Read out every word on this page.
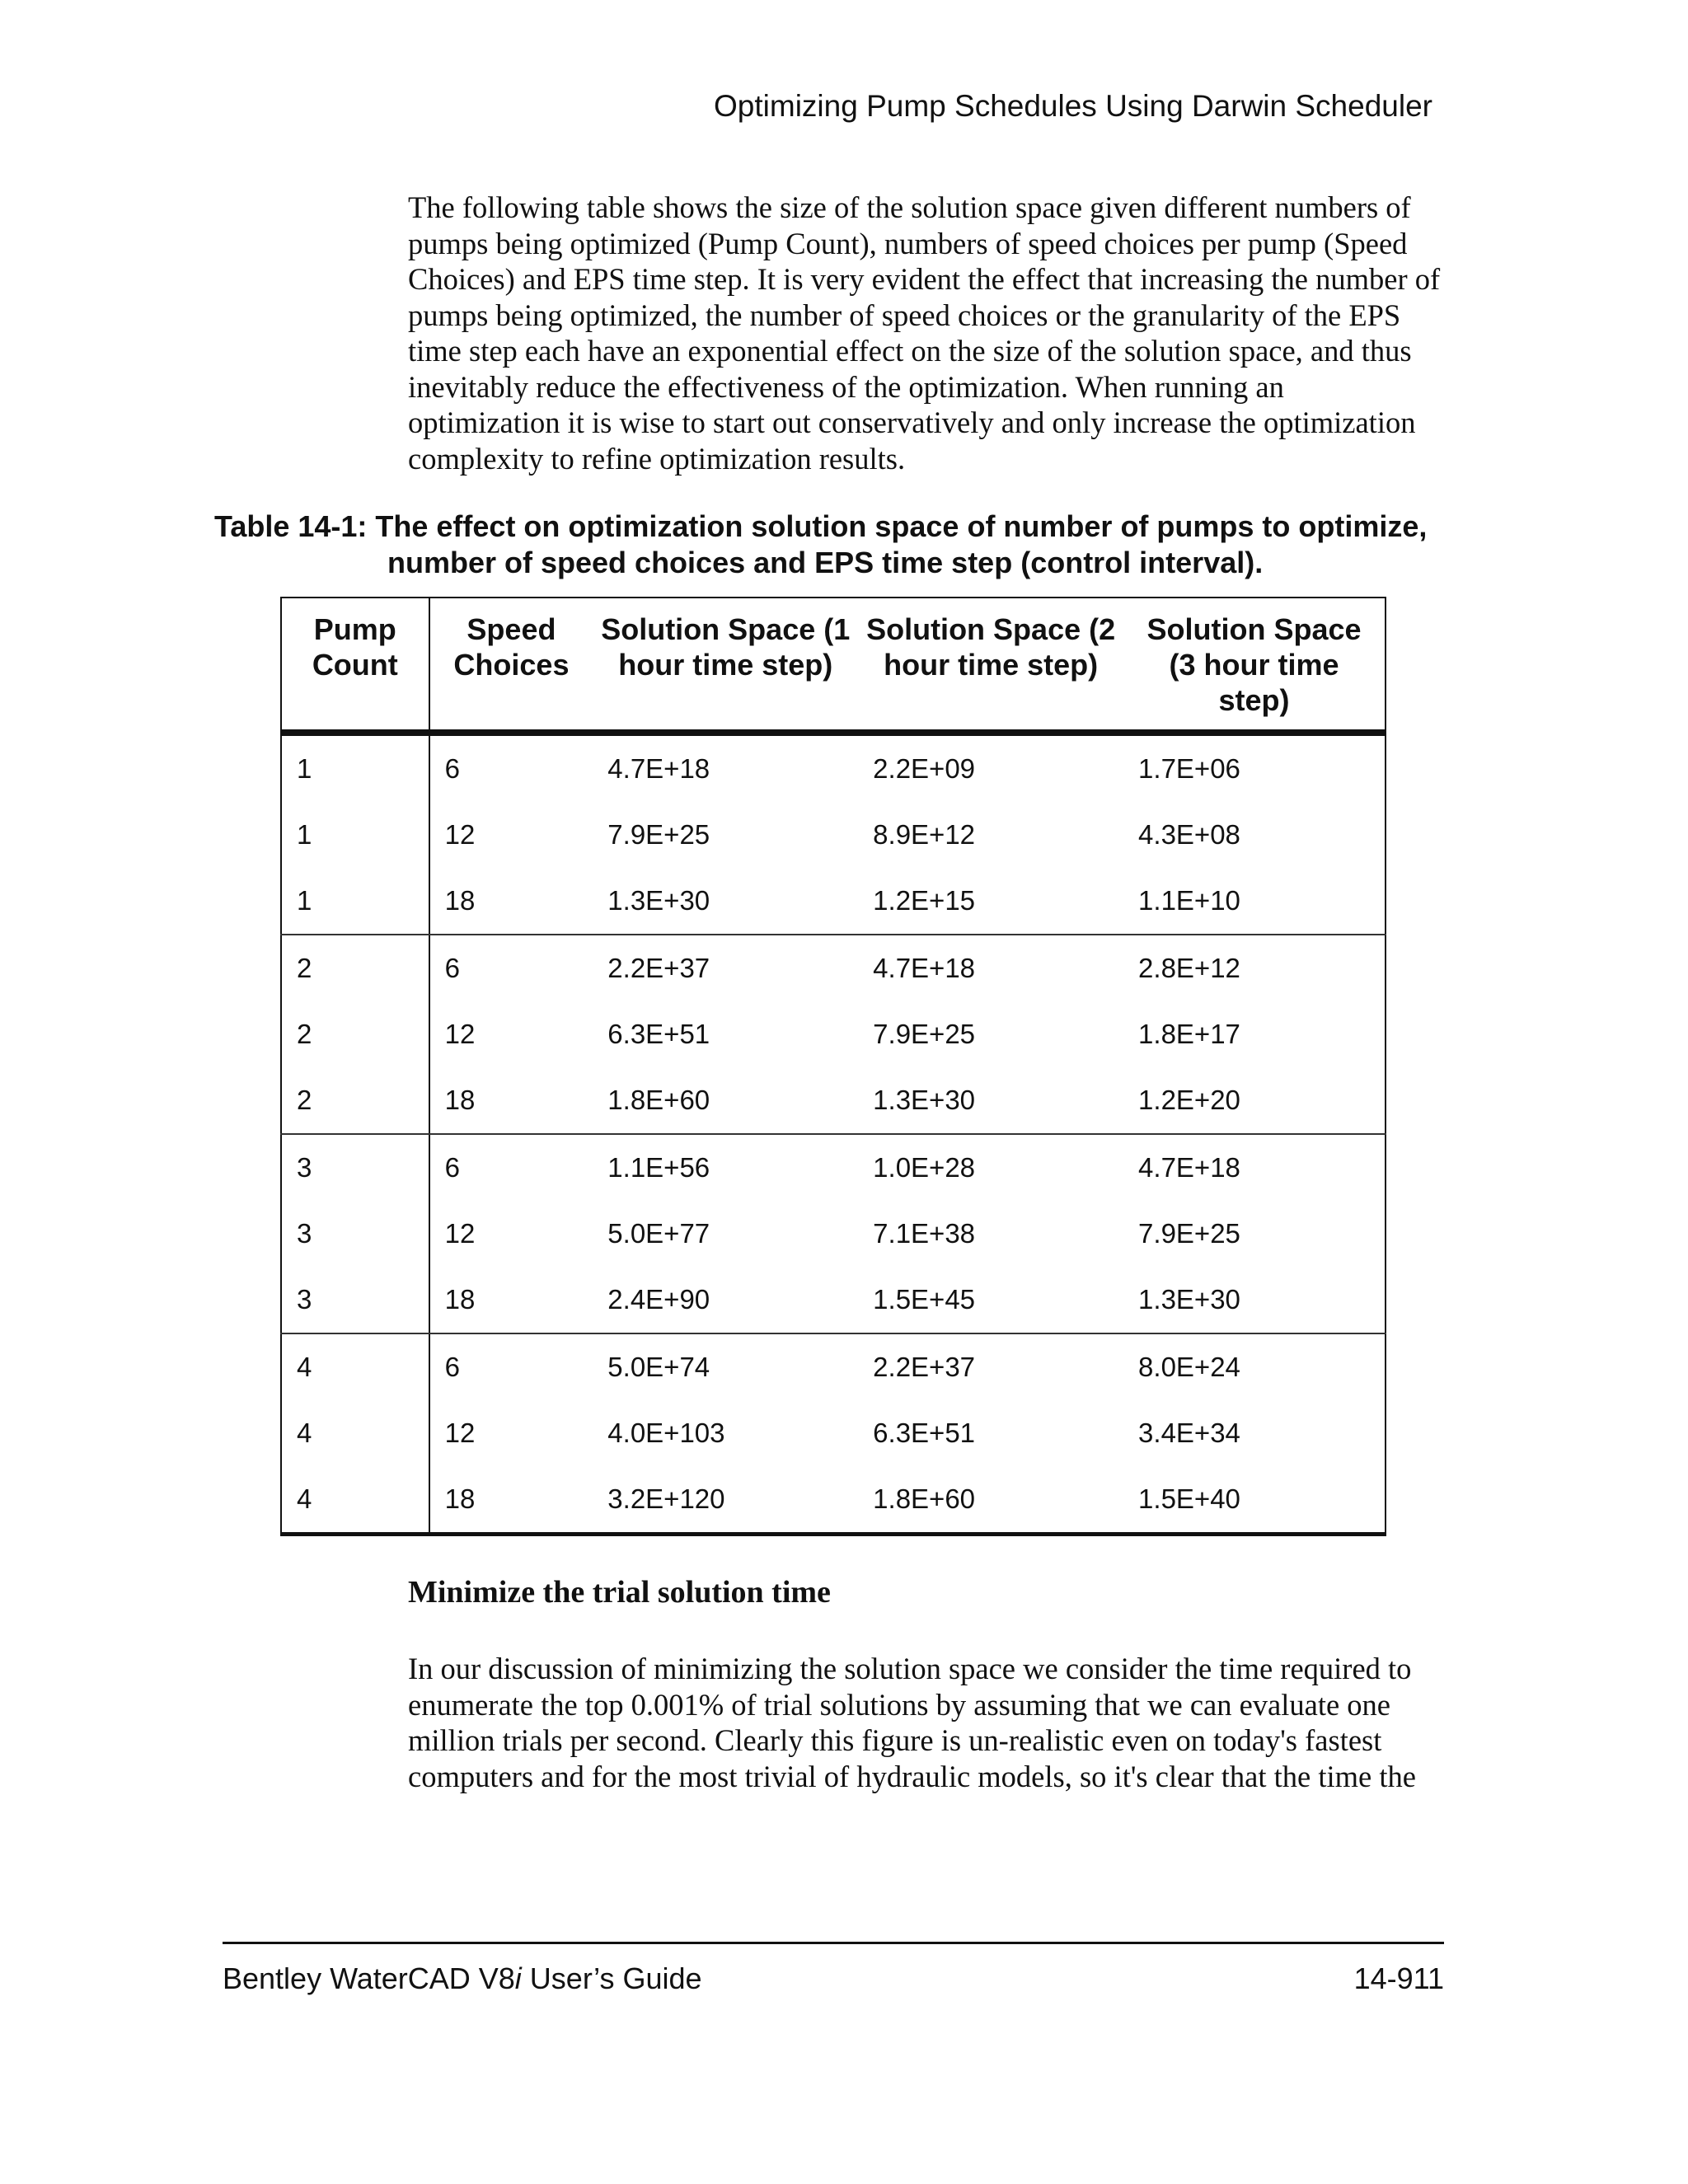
Optimizing Pump Schedules Using Darwin Scheduler

The following table shows the size of the solution space given different numbers of pumps being optimized (Pump Count), numbers of speed choices per pump (Speed Choices) and EPS time step. It is very evident the effect that increasing the number of pumps being optimized, the number of speed choices or the granularity of the EPS time step each have an exponential effect on the size of the solution space, and thus inevitably reduce the effectiveness of the optimization. When running an optimization it is wise to start out conservatively and only increase the optimization complexity to refine optimization results.

Table 14-1: The effect on optimization solution space of number of pumps to optimize,
number of speed choices and EPS time step (control interval).
Pump Count	Speed Choices	Solution Space (1 hour time step)	Solution Space (2 hour time step)	Solution Space (3 hour time step)
1	6	4.7E+18	2.2E+09	1.7E+06
1	12	7.9E+25	8.9E+12	4.3E+08
1	18	1.3E+30	1.2E+15	1.1E+10
2	6	2.2E+37	4.7E+18	2.8E+12
2	12	6.3E+51	7.9E+25	1.8E+17
2	18	1.8E+60	1.3E+30	1.2E+20
3	6	1.1E+56	1.0E+28	4.7E+18
3	12	5.0E+77	7.1E+38	7.9E+25
3	18	2.4E+90	1.5E+45	1.3E+30
4	6	5.0E+74	2.2E+37	8.0E+24
4	12	4.0E+103	6.3E+51	3.4E+34
4	18	3.2E+120	1.8E+60	1.5E+40
Minimize the trial solution time

In our discussion of minimizing the solution space we consider the time required to enumerate the top 0.001% of trial solutions by assuming that we can evaluate one million trials per second. Clearly this figure is un-realistic even on today's fastest computers and for the most trivial of hydraulic models, so it's clear that the time the

Bentley WaterCAD V8i User’s Guide	14-911
